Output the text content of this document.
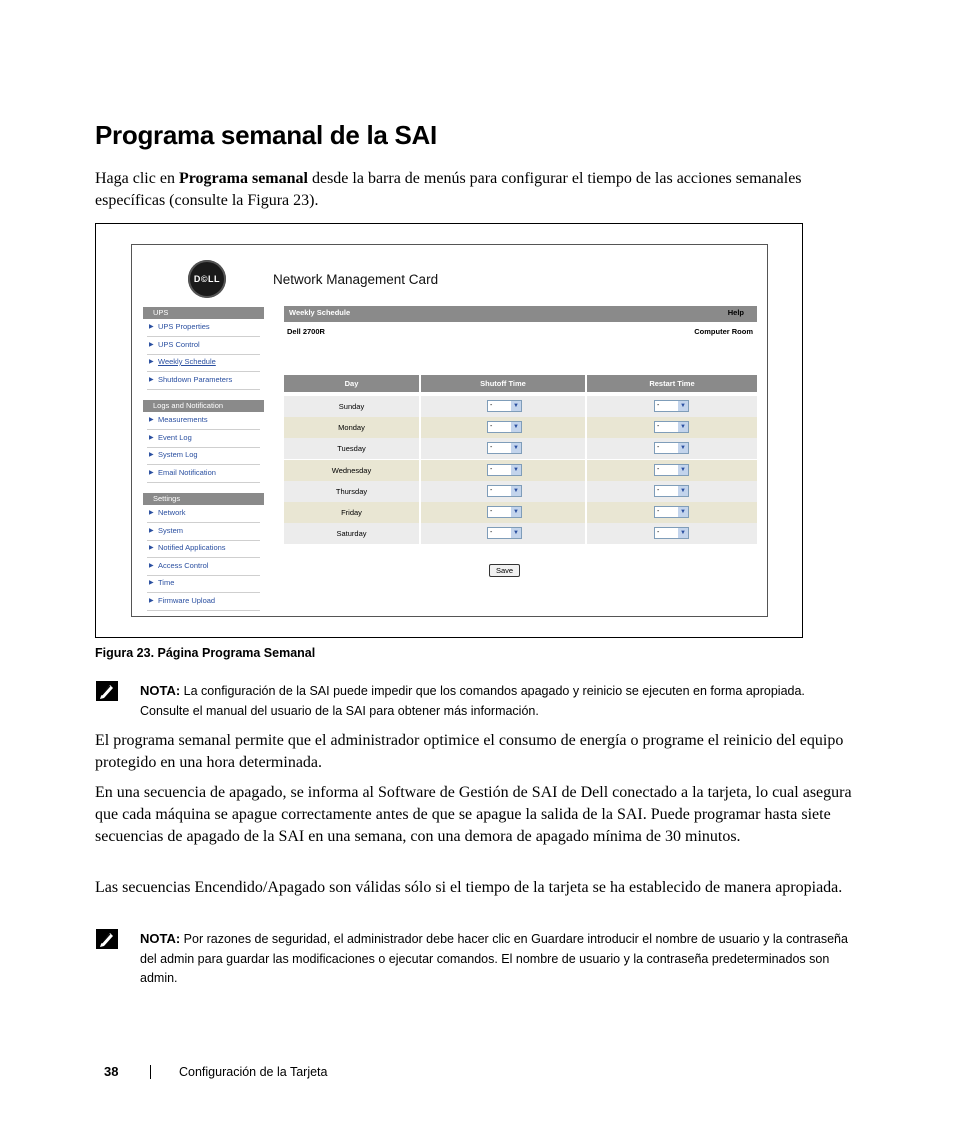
Programa semanal de la SAI

Haga clic en Programa semanal desde la barra de menús para configurar el tiempo de las acciones semanales específicas (consulte la Figura 23).

D©LL	Network Management Card
Weekly Schedule	Help
Dell 2700R	Computer Room
Day	Shutoff Time	Restart Time
Sunday	-	▼	-	▼
Monday	-	▼	-	▼
Tuesday	-	▼	-	▼
Wednesday	-	▼	-	▼
Thursday	-	▼	-	▼
Friday	-	▼	-	▼
Saturday	-	▼	-	▼
Save
UPS
▶ UPS Properties
▶ UPS Control
▶ Weekly Schedule
▶ Shutdown Parameters
Logs and Notification
▶ Measurements
▶ Event Log
▶ System Log
▶ Email Notification
Settings
▶ Network
▶ System
▶ Notified Applications
▶ Access Control
▶ Time
▶ Firmware Upload
Figura 23. Página Programa Semanal
NOTA: La configuración de la SAI puede impedir que los comandos apagado y reinicio se ejecuten en forma apropiada. Consulte el manual del usuario de la SAI para obtener más información.

El programa semanal permite que el administrador optimice el consumo de energía o programe el reinicio del equipo protegido en una hora determinada.

En una secuencia de apagado, se informa al Software de Gestión de SAI de Dell conectado a la tarjeta, lo cual asegura que cada máquina se apague correctamente antes de que se apague la salida de la SAI. Puede programar hasta siete secuencias de apagado de la SAI en una semana, con una demora de apagado mínima de 30 minutos.

Las secuencias Encendido/Apagado son válidas sólo si el tiempo de la tarjeta se ha establecido de manera apropiada.

NOTA: Por razones de seguridad, el administrador debe hacer clic en Guardare introducir el nombre de usuario y la contraseña del admin para guardar las modificaciones o ejecutar comandos. El nombre de usuario y la contraseña predeterminados son admin.
38	Configuración de la Tarjeta
